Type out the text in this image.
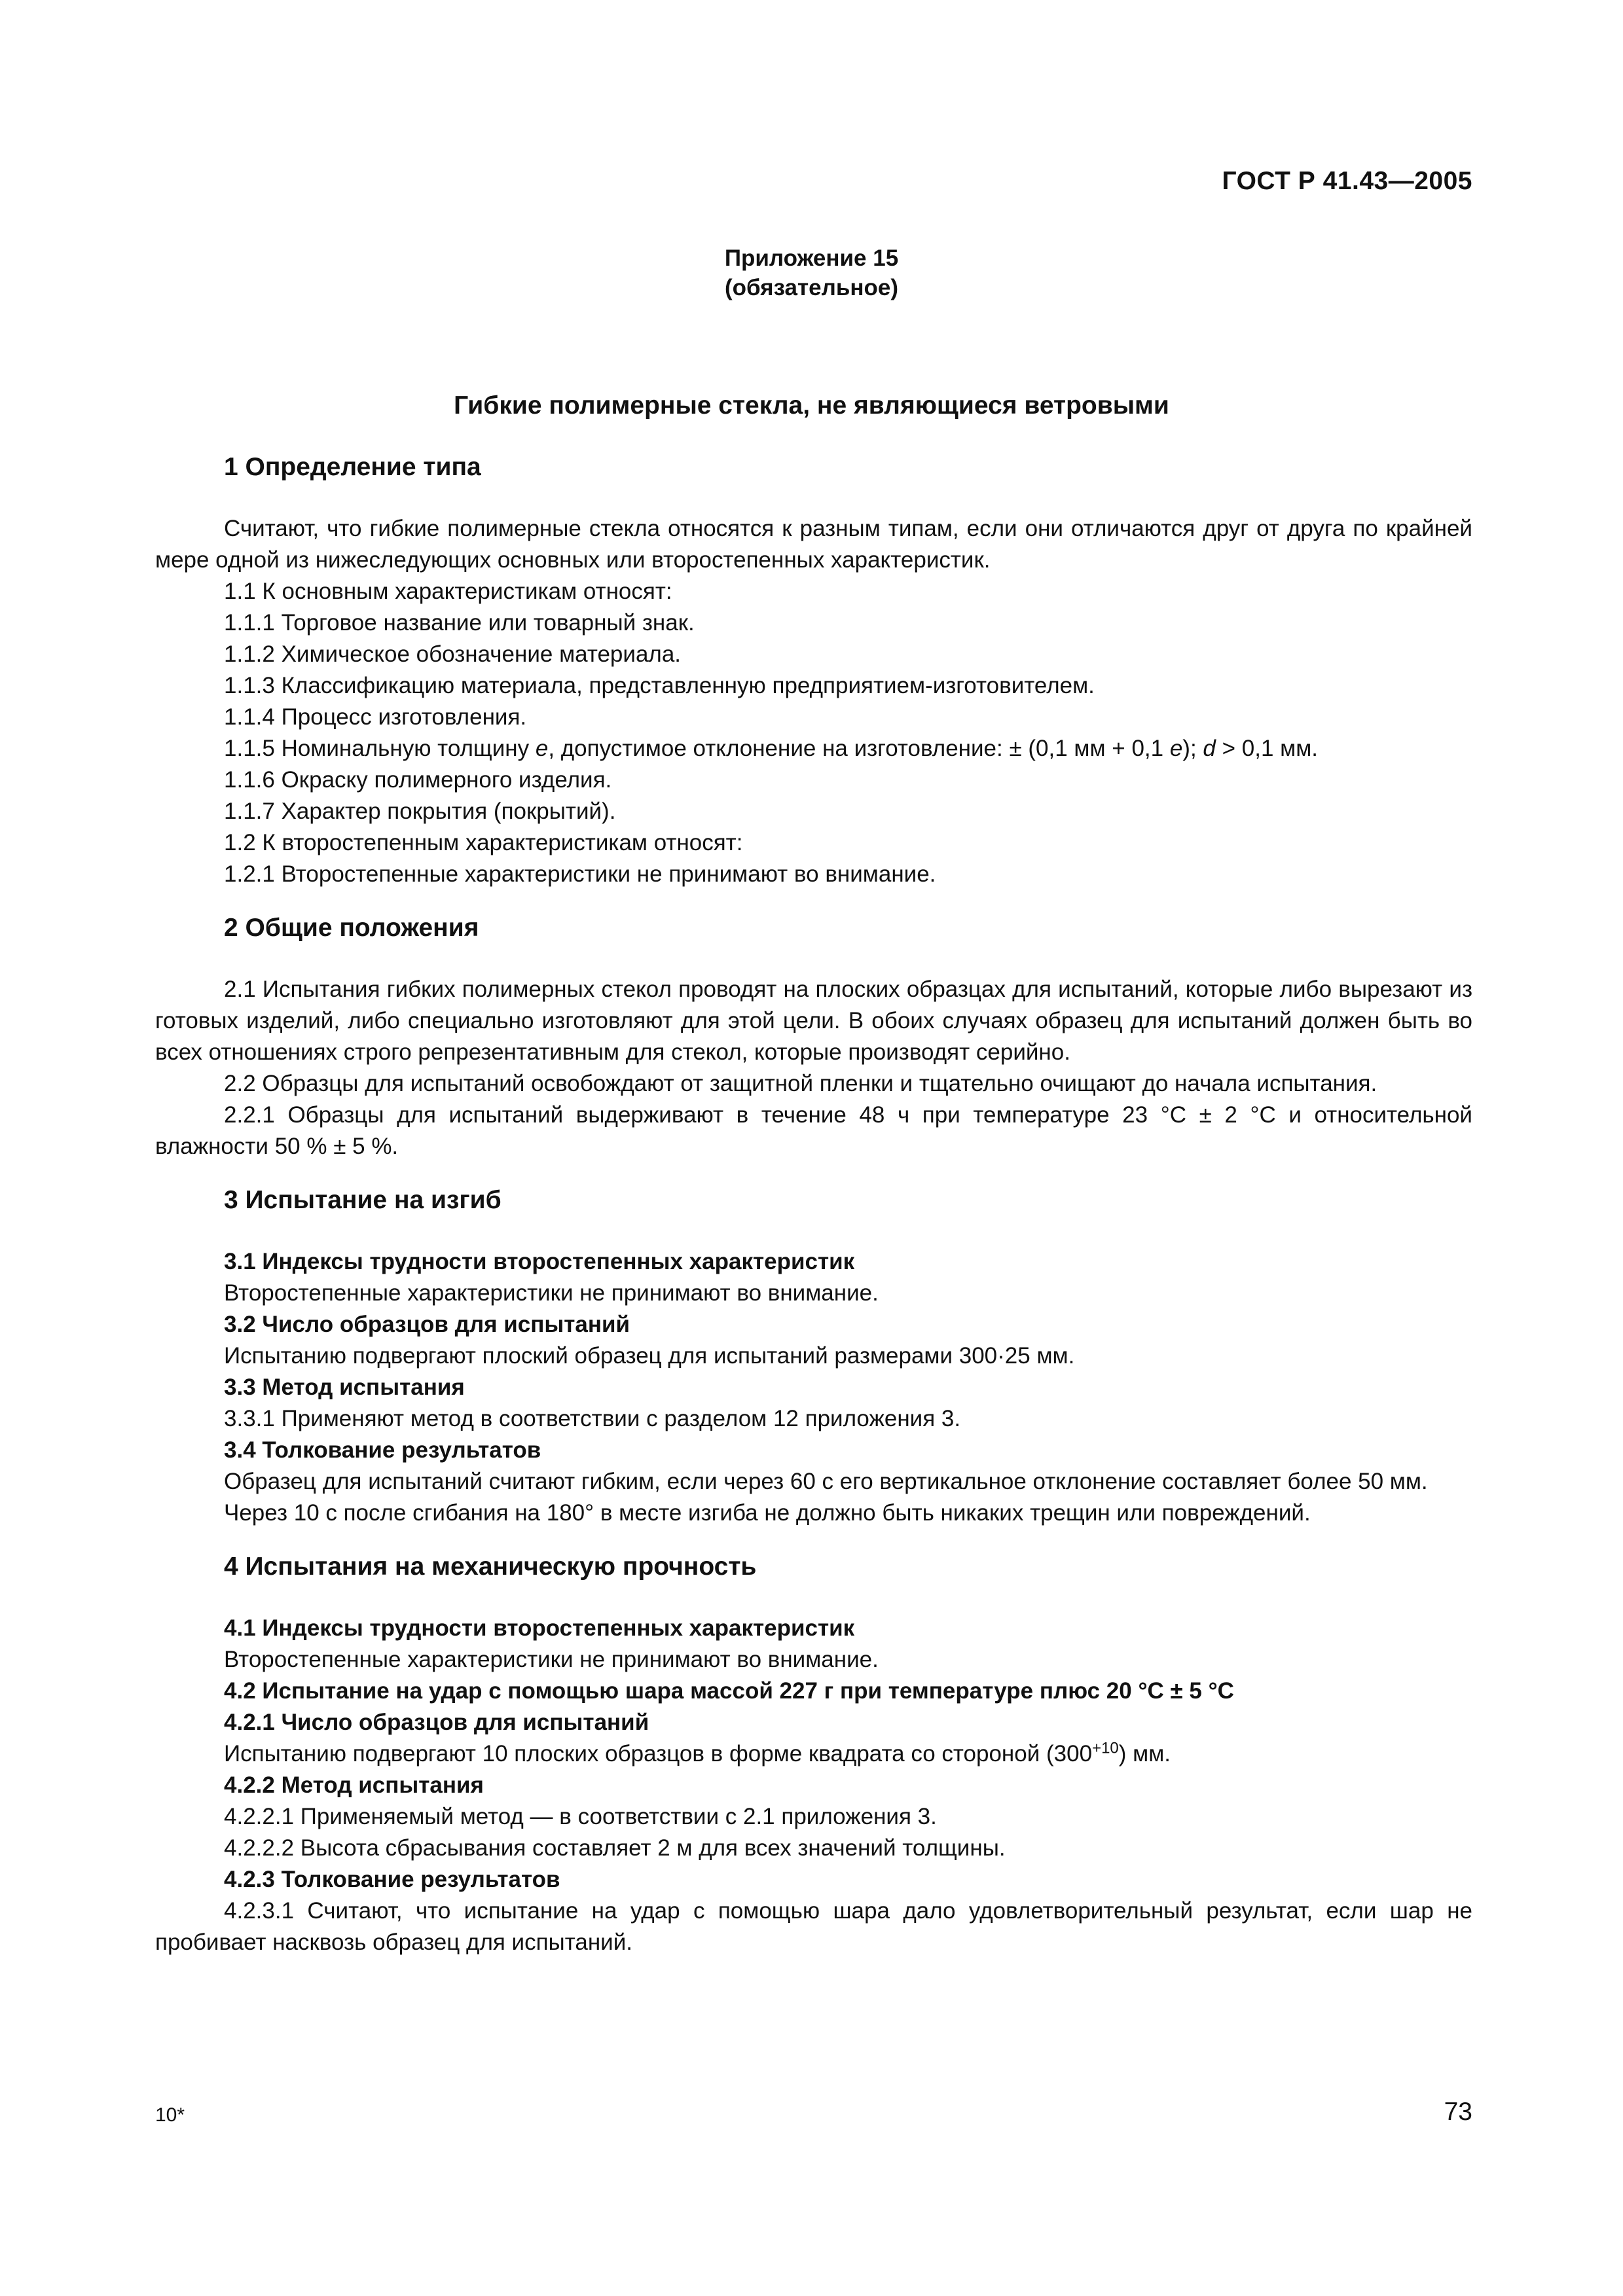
ГОСТ Р 41.43—2005
Приложение 15
(обязательное)
Гибкие полимерные стекла, не являющиеся ветровыми
1 Определение типа

Считают, что гибкие полимерные стекла относятся к разным типам, если они отличаются друг от друга по крайней мере одной из нижеследующих основных или второстепенных характеристик.

1.1 К основным характеристикам относят:

1.1.1 Торговое название или товарный знак.

1.1.2 Химическое обозначение материала.

1.1.3 Классификацию материала, представленную предприятием-изготовителем.

1.1.4 Процесс изготовления.

1.1.5 Номинальную толщину e, допустимое отклонение на изготовление: ± (0,1 мм + 0,1 e); d > 0,1 мм.

1.1.6 Окраску полимерного изделия.

1.1.7 Характер покрытия (покрытий).

1.2 К второстепенным характеристикам относят:

1.2.1 Второстепенные характеристики не принимают во внимание.

2 Общие положения

2.1 Испытания гибких полимерных стекол проводят на плоских образцах для испытаний, которые либо вырезают из готовых изделий, либо специально изготовляют для этой цели. В обоих случаях образец для испытаний должен быть во всех отношениях строго репрезентативным для стекол, которые производят серийно.

2.2 Образцы для испытаний освобождают от защитной пленки и тщательно очищают до начала испытания.

2.2.1 Образцы для испытаний выдерживают в течение 48 ч при температуре 23 °С ± 2 °С и относительной влажности 50 % ± 5 %.

3 Испытание на изгиб

3.1 Индексы трудности второстепенных характеристик

Второстепенные характеристики не принимают во внимание.

3.2 Число образцов для испытаний

Испытанию подвергают плоский образец для испытаний размерами 300·25 мм.

3.3 Метод испытания

3.3.1 Применяют метод в соответствии с разделом 12 приложения 3.

3.4 Толкование результатов

Образец для испытаний считают гибким, если через 60 с его вертикальное отклонение составляет более 50 мм.

Через 10 с после сгибания на 180° в месте изгиба не должно быть никаких трещин или повреждений.

4 Испытания на механическую прочность

4.1 Индексы трудности второстепенных характеристик

Второстепенные характеристики не принимают во внимание.

4.2 Испытание на удар с помощью шара массой 227 г при температуре плюс 20 °С ± 5 °С

4.2.1 Число образцов для испытаний

Испытанию подвергают 10 плоских образцов в форме квадрата со стороной $(300^{+10})$ мм.

4.2.2 Метод испытания

4.2.2.1 Применяемый метод — в соответствии с 2.1 приложения 3.

4.2.2.2 Высота сбрасывания составляет 2 м для всех значений толщины.

4.2.3 Толкование результатов

4.2.3.1 Считают, что испытание на удар с помощью шара дало удовлетворительный результат, если шар не пробивает насквозь образец для испытаний.

10*	73
